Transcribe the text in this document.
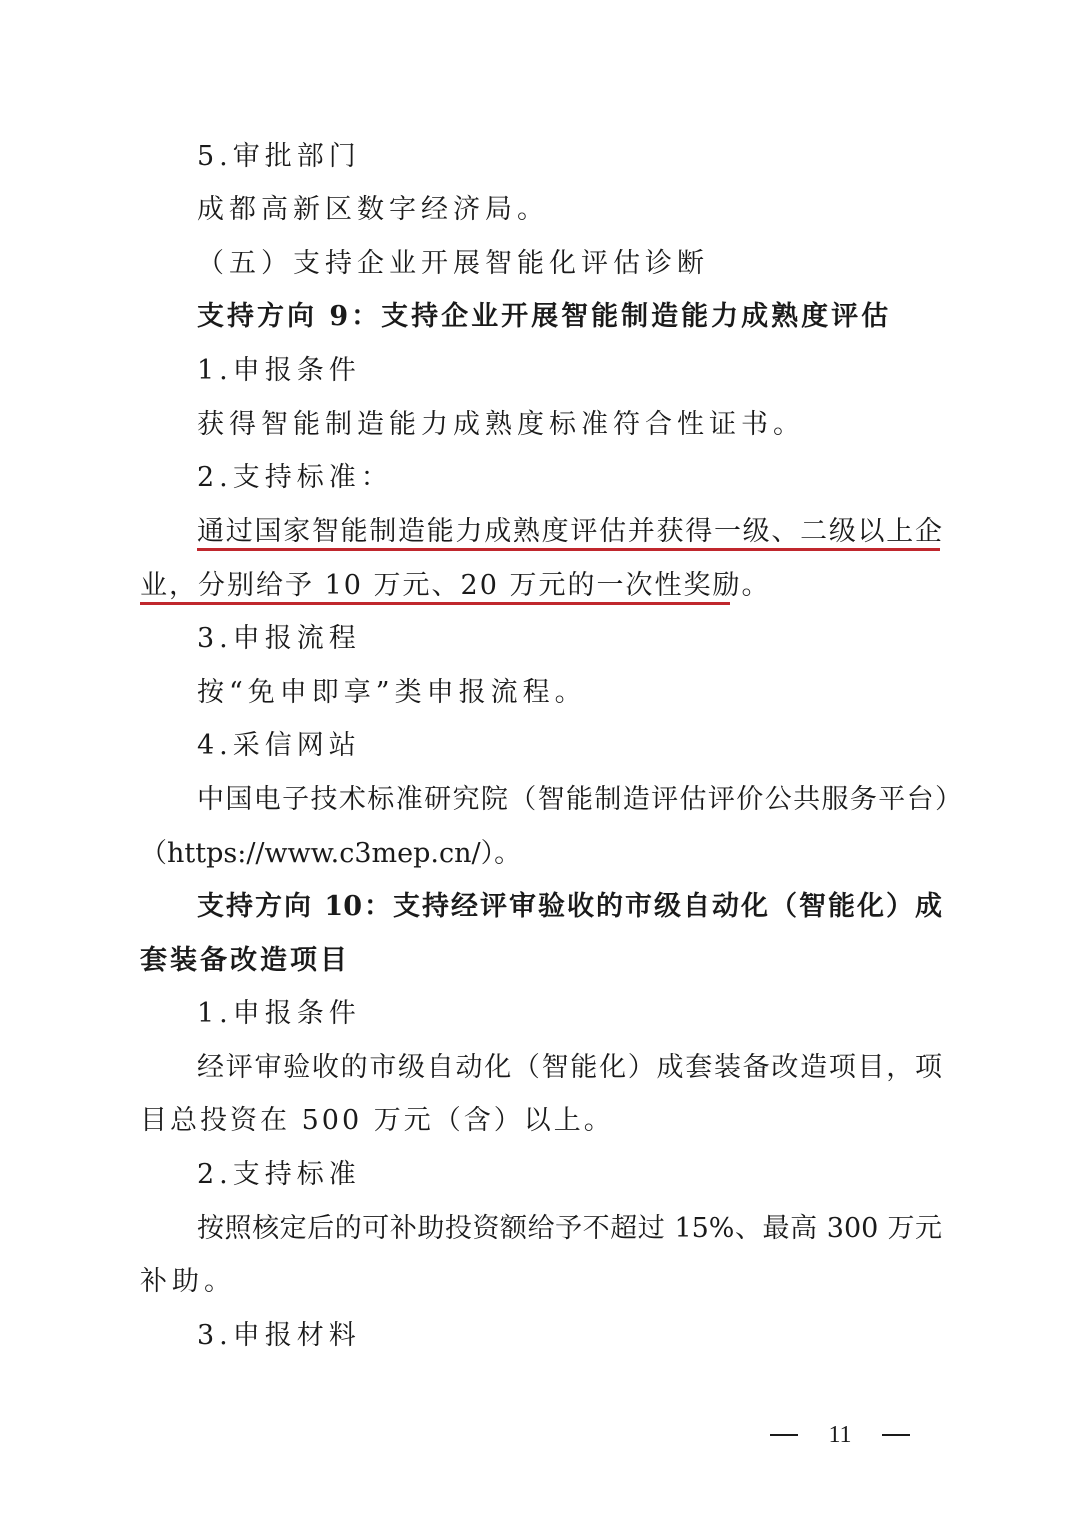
5.审批部门
成都高新区数字经济局。
（五）支持企业开展智能化评估诊断
支持方向 9：支持企业开展智能制造能力成熟度评估
1.申报条件
获得智能制造能力成熟度标准符合性证书。
2.支持标准：
通过国家智能制造能力成熟度评估并获得一级、二级以上企
业，分别给予 10 万元、20 万元的一次性奖励。
3.申报流程
按“免申即享”类申报流程。
4.采信网站
中国电子技术标准研究院（智能制造评估评价公共服务平台）
（https://www.c3mep.cn/）。
支持方向 10：支持经评审验收的市级自动化（智能化）成
套装备改造项目
1.申报条件
经评审验收的市级自动化（智能化）成套装备改造项目，项
目总投资在 500 万元（含）以上。
2.支持标准
按照核定后的可补助投资额给予不超过 15%、最高 300 万元
补助。
3.申报材料
11
